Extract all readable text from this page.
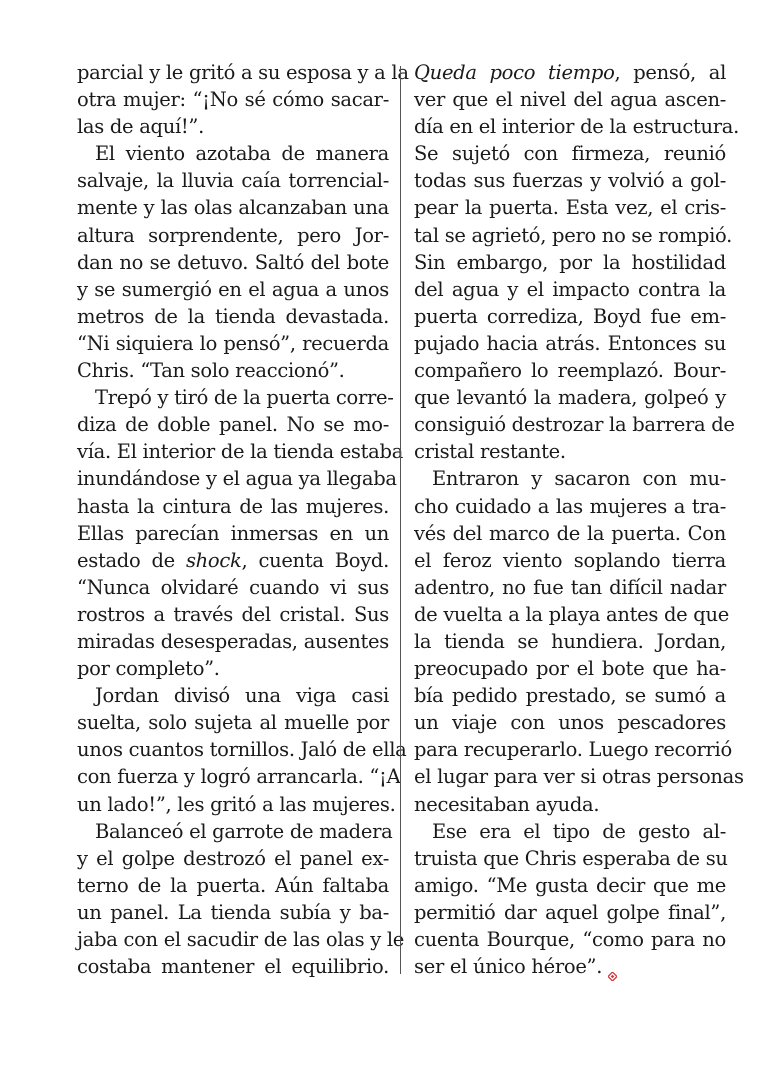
parcial y le gritó a su esposa y a la
otra mujer: “¡No sé cómo sacar-
las de aquí!”.
El viento azotaba de manera
salvaje, la lluvia caía torrencial-
mente y las olas alcanzaban una
altura sorprendente, pero Jor-
dan no se detuvo. Saltó del bote
y se sumergió en el agua a unos
metros de la tienda devastada.
“Ni siquiera lo pensó”, recuerda
Chris. “Tan solo reaccionó”.
Trepó y tiró de la puerta corre-
diza de doble panel. No se mo-
vía. El interior de la tienda estaba
inundándose y el agua ya llegaba
hasta la cintura de las mujeres.
Ellas parecían inmersas en un
estado de shock, cuenta Boyd.
“Nunca olvidaré cuando vi sus
rostros a través del cristal. Sus
miradas desesperadas, ausentes
por completo”.
Jordan divisó una viga casi
suelta, solo sujeta al muelle por
unos cuantos tornillos. Jaló de ella
con fuerza y logró arrancarla. “¡A
un lado!”, les gritó a las mujeres.
Balanceó el garrote de madera
y el golpe destrozó el panel ex-
terno de la puerta. Aún faltaba
un panel. La tienda subía y ba-
jaba con el sacudir de las olas y le
costaba mantener el equilibrio.
Queda poco tiempo, pensó, al
ver que el nivel del agua ascen-
día en el interior de la estructura.
Se sujetó con firmeza, reunió
todas sus fuerzas y volvió a gol-
pear la puerta. Esta vez, el cris-
tal se agrietó, pero no se rompió.
Sin embargo, por la hostilidad
del agua y el impacto contra la
puerta corrediza, Boyd fue em-
pujado hacia atrás. Entonces su
compañero lo reemplazó. Bour-
que levantó la madera, golpeó y
consiguió destrozar la barrera de
cristal restante.
Entraron y sacaron con mu-
cho cuidado a las mujeres a tra-
vés del marco de la puerta. Con
el feroz viento soplando tierra
adentro, no fue tan difícil nadar
de vuelta a la playa antes de que
la tienda se hundiera. Jordan,
preocupado por el bote que ha-
bía pedido prestado, se sumó a
un viaje con unos pescadores
para recuperarlo. Luego recorrió
el lugar para ver si otras personas
necesitaban ayuda.
Ese era el tipo de gesto al-
truista que Chris esperaba de su
amigo. “Me gusta decir que me
permitió dar aquel golpe final”,
cuenta Bourque, “como para no
ser el único héroe”.
